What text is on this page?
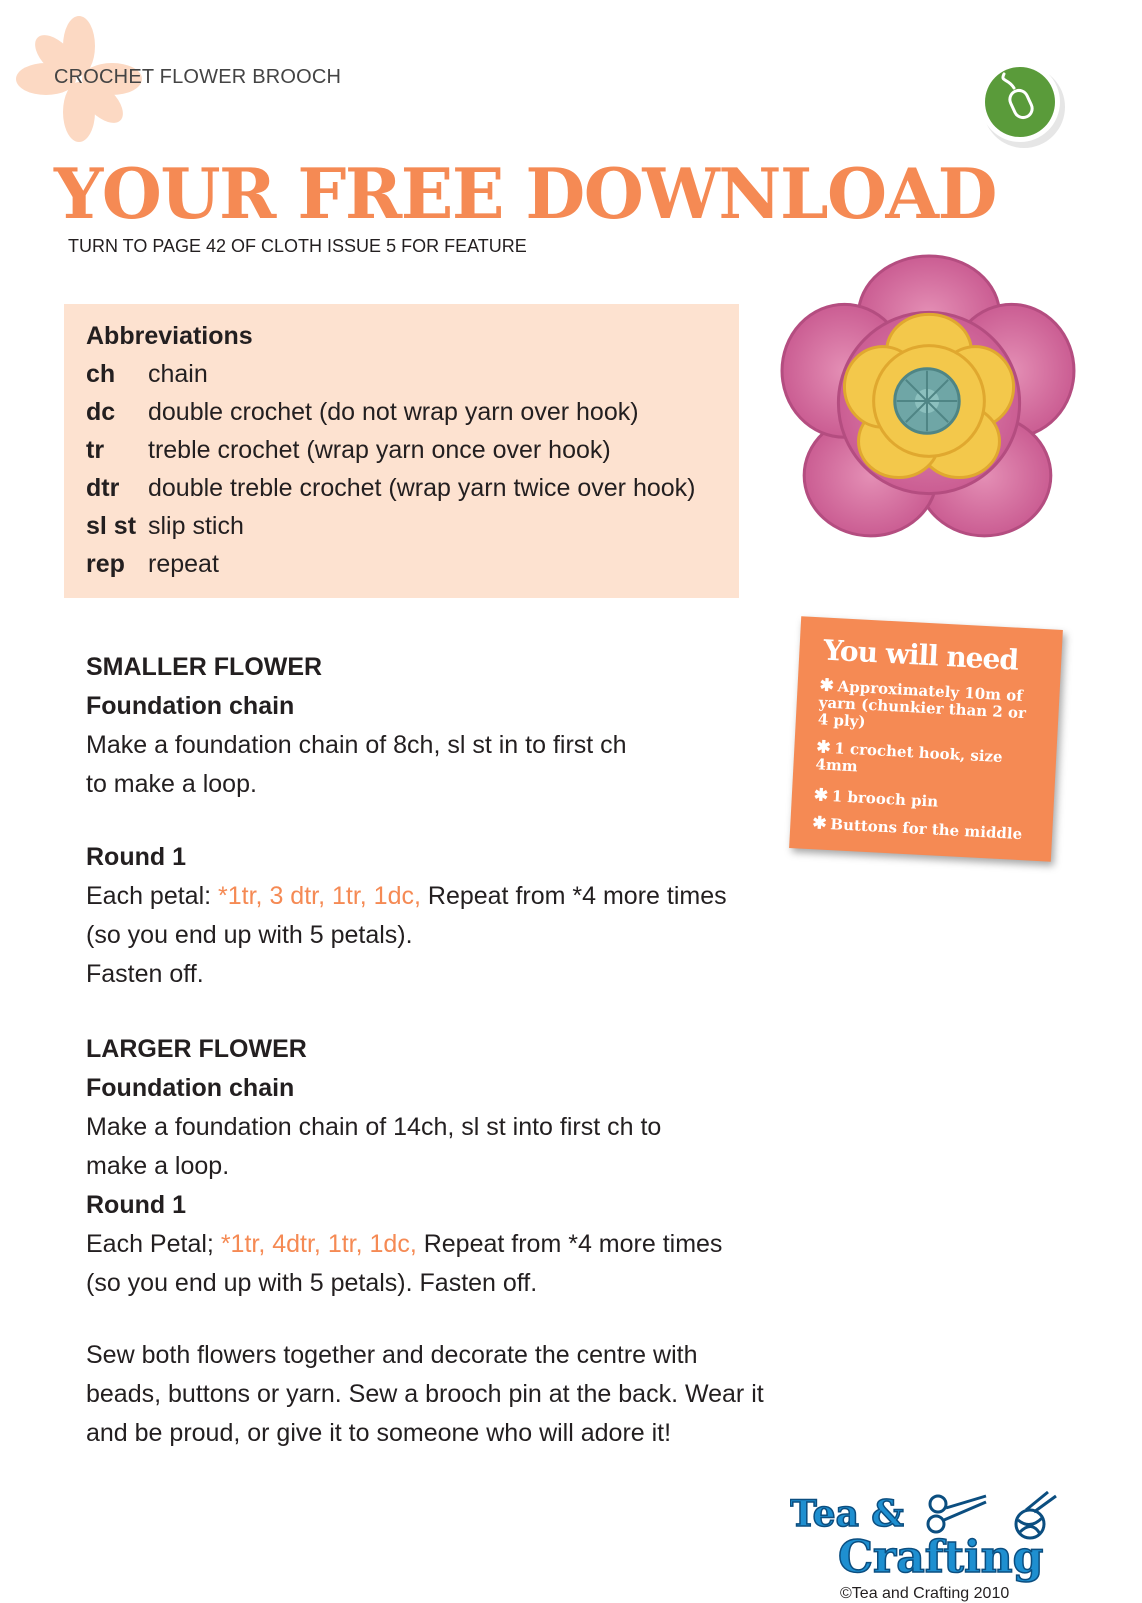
CROCHET FLOWER BROOCH
YOUR FREE DOWNLOAD
TURN TO PAGE 42 OF CLOTH ISSUE 5 FOR FEATURE
Abbreviations
ch chain
dc double crochet (do not wrap yarn over hook)
tr treble crochet (wrap yarn once over hook)
dtr double treble crochet (wrap yarn twice over hook)
sl st slip stich
rep repeat
You will need
✱ Approximately 10m of yarn (chunkier than 2 or 4 ply)
✱ 1 crochet hook, size 4mm
✱ 1 brooch pin
✱ Buttons for the middle
SMALLER FLOWER
Foundation chain
Make a foundation chain of 8ch, sl st in to first ch
to make a loop.
Round 1
Each petal: *1tr, 3 dtr, 1tr, 1dc, Repeat from *4 more times
(so you end up with 5 petals).
Fasten off.
LARGER FLOWER
Foundation chain
Make a foundation chain of 14ch, sl st into first ch to
make a loop.
Round 1
Each Petal; *1tr, 4dtr, 1tr, 1dc, Repeat from *4 more times
(so you end up with 5 petals). Fasten off.
Sew both flowers together and decorate the centre with
beads, buttons or yarn. Sew a brooch pin at the back. Wear it
and be proud, or give it to someone who will adore it!
Tea &
Crafting
©Tea and Crafting 2010
